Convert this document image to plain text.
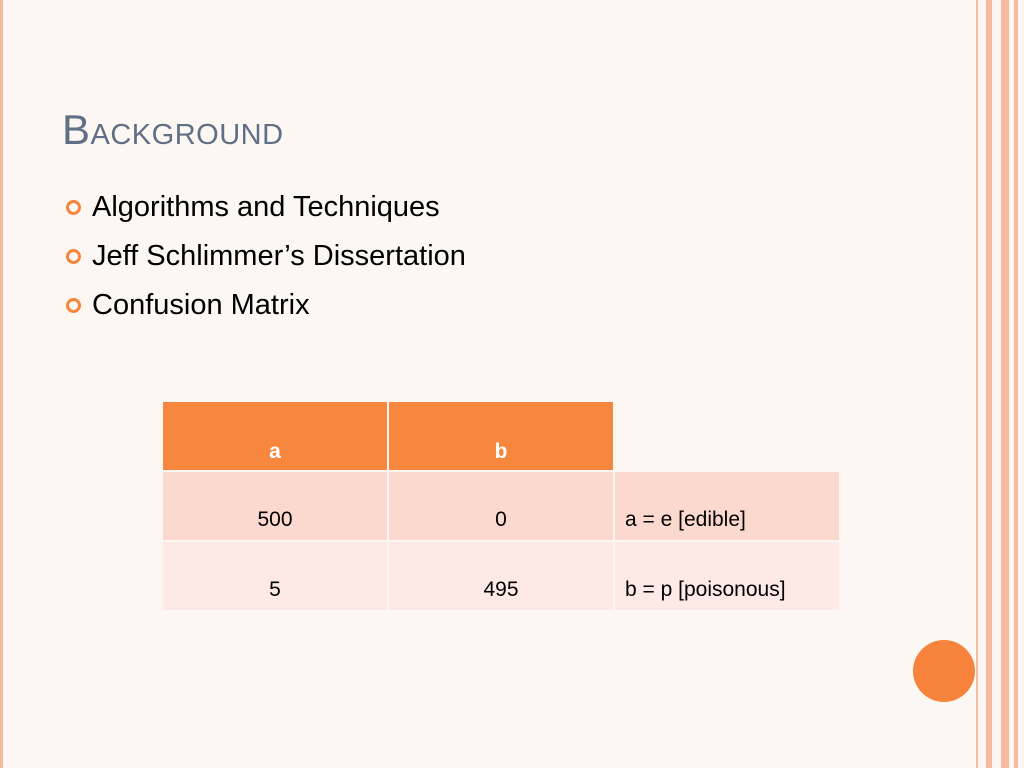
Background
Algorithms and Techniques
Jeff Schlimmer’s Dissertation
Confusion Matrix
a	b	

500	0	a = e [edible]

5	495	b = p [poisonous]
